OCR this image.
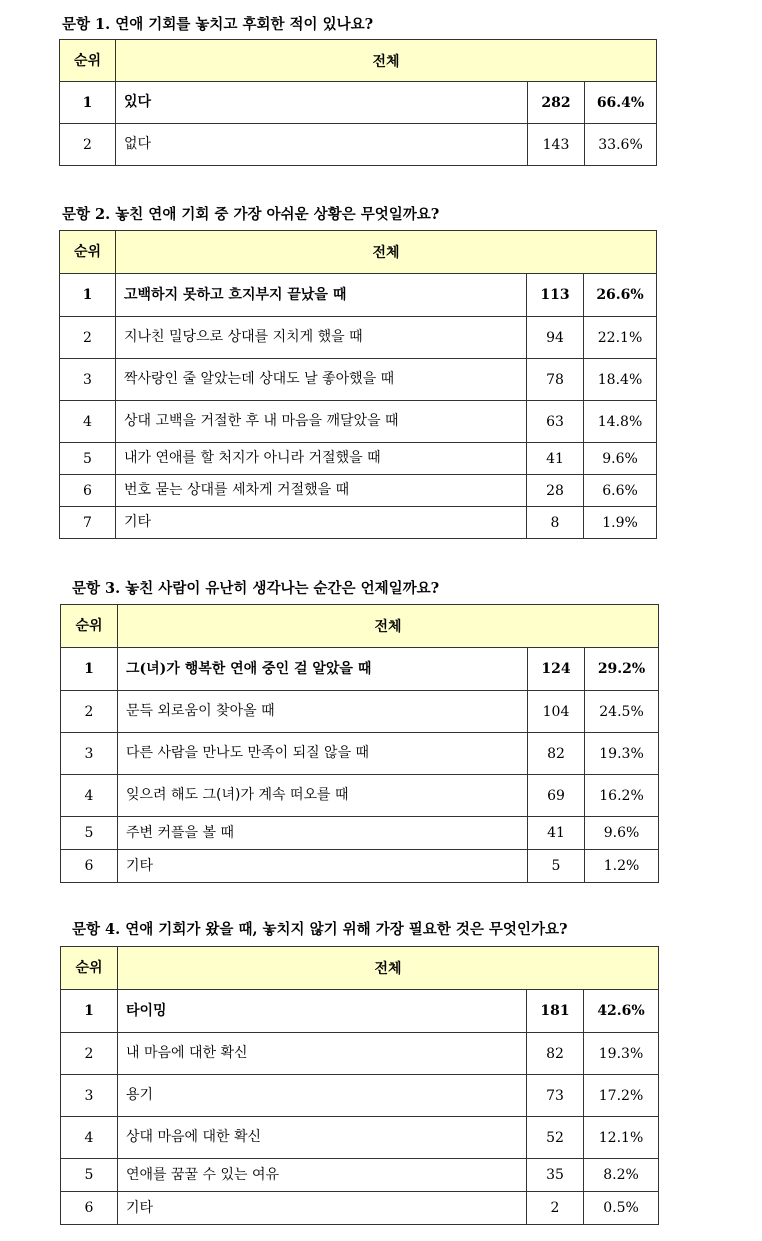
문항 1. 연애 기회를 놓치고 후회한 적이 있나요?
순위	전체		
1	있다	282	66.4%
2	없다	143	33.6%
문항 2. 놓친 연애 기회 중 가장 아쉬운 상황은 무엇일까요?
순위	전체		
1	고백하지 못하고 흐지부지 끝났을 때	113	26.6%
2	지나친 밀당으로 상대를 지치게 했을 때	94	22.1%
3	짝사랑인 줄 알았는데 상대도 날 좋아했을 때	78	18.4%
4	상대 고백을 거절한 후 내 마음을 깨달았을 때	63	14.8%
5	내가 연애를 할 처지가 아니라 거절했을 때	41	9.6%
6	번호 묻는 상대를 세차게 거절했을 때	28	6.6%
7	기타	8	1.9%
문항 3. 놓친 사람이 유난히 생각나는 순간은 언제일까요?
순위	전체		
1	그(녀)가 행복한 연애 중인 걸 알았을 때	124	29.2%
2	문득 외로움이 찾아올 때	104	24.5%
3	다른 사람을 만나도 만족이 되질 않을 때	82	19.3%
4	잊으려 해도 그(녀)가 계속 떠오를 때	69	16.2%
5	주변 커플을 볼 때	41	9.6%
6	기타	5	1.2%
문항 4. 연애 기회가 왔을 때, 놓치지 않기 위해 가장 필요한 것은 무엇인가요?
순위	전체		
1	타이밍	181	42.6%
2	내 마음에 대한 확신	82	19.3%
3	용기	73	17.2%
4	상대 마음에 대한 확신	52	12.1%
5	연애를 꿈꿀 수 있는 여유	35	8.2%
6	기타	2	0.5%
